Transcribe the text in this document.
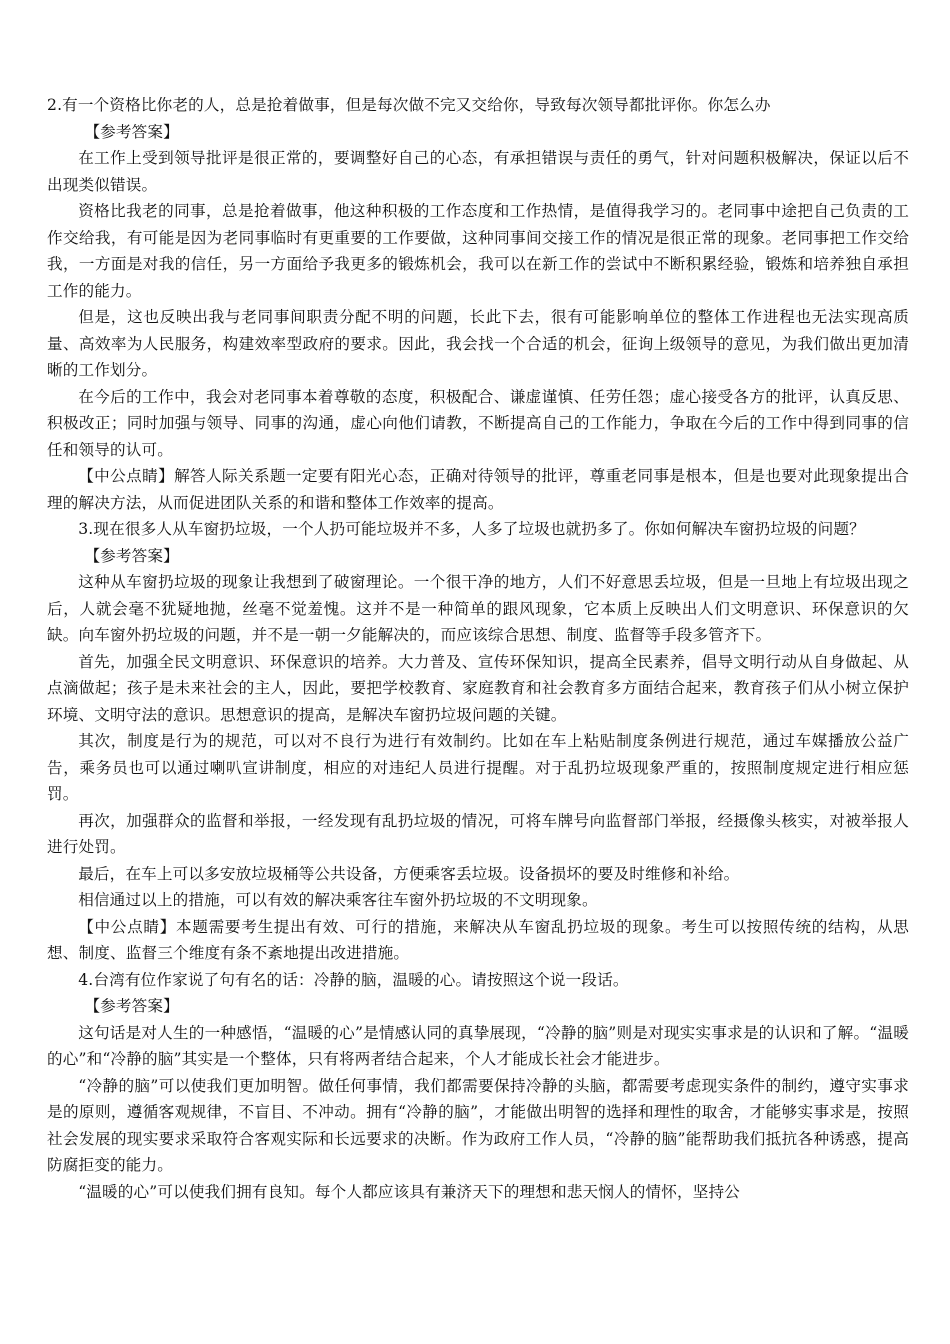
2.有一个资格比你老的人，总是抢着做事，但是每次做不完又交给你，导致每次领导都批评你。你怎么办

【参考答案】

在工作上受到领导批评是很正常的，要调整好自己的心态，有承担错误与责任的勇气，针对问题积极解决，保证以后不出现类似错误。

资格比我老的同事，总是抢着做事，他这种积极的工作态度和工作热情，是值得我学习的。老同事中途把自己负责的工作交给我，有可能是因为老同事临时有更重要的工作要做，这种同事间交接工作的情况是很正常的现象。老同事把工作交给我，一方面是对我的信任，另一方面给予我更多的锻炼机会，我可以在新工作的尝试中不断积累经验，锻炼和培养独自承担工作的能力。

但是，这也反映出我与老同事间职责分配不明的问题，长此下去，很有可能影响单位的整体工作进程也无法实现高质量、高效率为人民服务，构建效率型政府的要求。因此，我会找一个合适的机会，征询上级领导的意见，为我们做出更加清晰的工作划分。

在今后的工作中，我会对老同事本着尊敬的态度，积极配合、谦虚谨慎、任劳任怨；虚心接受各方的批评，认真反思、积极改正；同时加强与领导、同事的沟通，虚心向他们请教，不断提高自己的工作能力，争取在今后的工作中得到同事的信任和领导的认可。

【中公点睛】解答人际关系题一定要有阳光心态，正确对待领导的批评，尊重老同事是根本，但是也要对此现象提出合理的解决方法，从而促进团队关系的和谐和整体工作效率的提高。

3.现在很多人从车窗扔垃圾，一个人扔可能垃圾并不多，人多了垃圾也就扔多了。你如何解决车窗扔垃圾的问题？

【参考答案】

这种从车窗扔垃圾的现象让我想到了破窗理论。一个很干净的地方，人们不好意思丢垃圾，但是一旦地上有垃圾出现之后，人就会毫不犹疑地抛，丝毫不觉羞愧。这并不是一种简单的跟风现象，它本质上反映出人们文明意识、环保意识的欠缺。向车窗外扔垃圾的问题，并不是一朝一夕能解决的，而应该综合思想、制度、监督等手段多管齐下。

首先，加强全民文明意识、环保意识的培养。大力普及、宣传环保知识，提高全民素养，倡导文明行动从自身做起、从点滴做起；孩子是未来社会的主人，因此，要把学校教育、家庭教育和社会教育多方面结合起来，教育孩子们从小树立保护环境、文明守法的意识。思想意识的提高，是解决车窗扔垃圾问题的关键。

其次，制度是行为的规范，可以对不良行为进行有效制约。比如在车上粘贴制度条例进行规范，通过车媒播放公益广告，乘务员也可以通过喇叭宣讲制度，相应的对违纪人员进行提醒。对于乱扔垃圾现象严重的，按照制度规定进行相应惩罚。

再次，加强群众的监督和举报，一经发现有乱扔垃圾的情况，可将车牌号向监督部门举报，经摄像头核实，对被举报人进行处罚。

最后，在车上可以多安放垃圾桶等公共设备，方便乘客丢垃圾。设备损坏的要及时维修和补给。

相信通过以上的措施，可以有效的解决乘客往车窗外扔垃圾的不文明现象。

【中公点睛】本题需要考生提出有效、可行的措施，来解决从车窗乱扔垃圾的现象。考生可以按照传统的结构，从思想、制度、监督三个维度有条不紊地提出改进措施。

4.台湾有位作家说了句有名的话：冷静的脑，温暖的心。请按照这个说一段话。

【参考答案】

这句话是对人生的一种感悟，“温暖的心”是情感认同的真挚展现，“冷静的脑”则是对现实实事求是的认识和了解。“温暖的心”和“冷静的脑”其实是一个整体，只有将两者结合起来，个人才能成长社会才能进步。

“冷静的脑”可以使我们更加明智。做任何事情，我们都需要保持冷静的头脑，都需要考虑现实条件的制约，遵守实事求是的原则，遵循客观规律，不盲目、不冲动。拥有“冷静的脑”，才能做出明智的选择和理性的取舍，才能够实事求是，按照社会发展的现实要求采取符合客观实际和长远要求的决断。作为政府工作人员，“冷静的脑”能帮助我们抵抗各种诱惑，提高防腐拒变的能力。

“温暖的心”可以使我们拥有良知。每个人都应该具有兼济天下的理想和悲天悯人的情怀，坚持公
